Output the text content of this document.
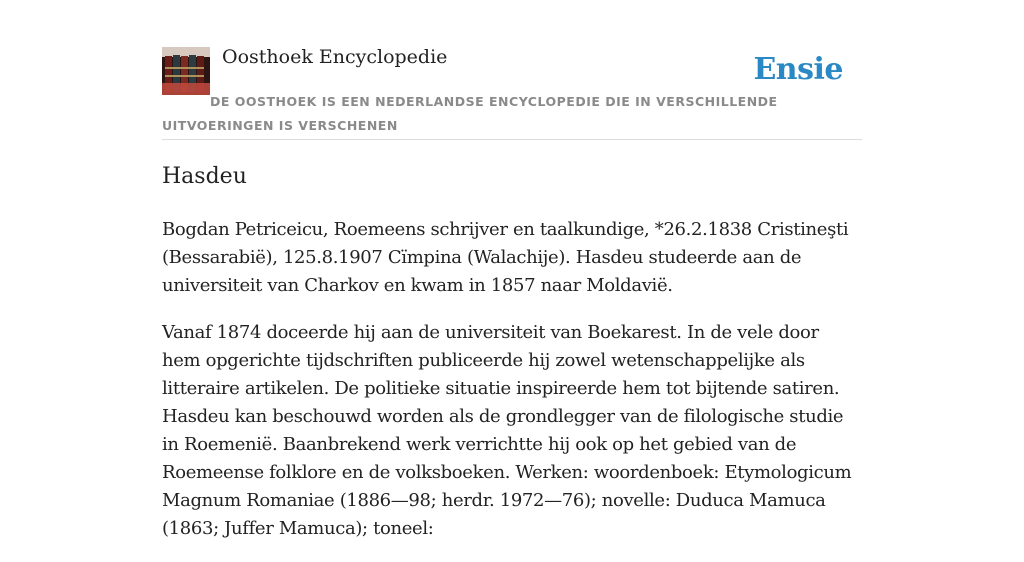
Oosthoek Encyclopedie	Ensie
DE OOSTHOEK IS EEN NEDERLANDSE ENCYCLOPEDIE DIE IN VERSCHILLENDE UITVOERINGEN IS VERSCHENEN
Hasdeu

Bogdan Petriceicu, Roemeens schrijver en taalkundige, *26.2.1838 Cristineşti (Bessarabië), 125.8.1907 Cïmpina (Walachije). Hasdeu studeerde aan de universiteit van Charkov en kwam in 1857 naar Moldavië.

Vanaf 1874 doceerde hij aan de universiteit van Boekarest. In de vele door hem opgerichte tijdschriften publiceerde hij zowel wetenschappelijke als litteraire artikelen. De politieke situatie inspireerde hem tot bijtende satiren. Hasdeu kan beschouwd worden als de grondlegger van de filologische studie in Roemenië. Baanbrekend werk verrichtte hij ook op het gebied van de Roemeense folklore en de volksboeken. Werken: woordenboek: Etymologicum Magnum Romaniae (1886—98; herdr. 1972—76); novelle: Duduca Mamuca (1863; Juffer Mamuca); toneel:
